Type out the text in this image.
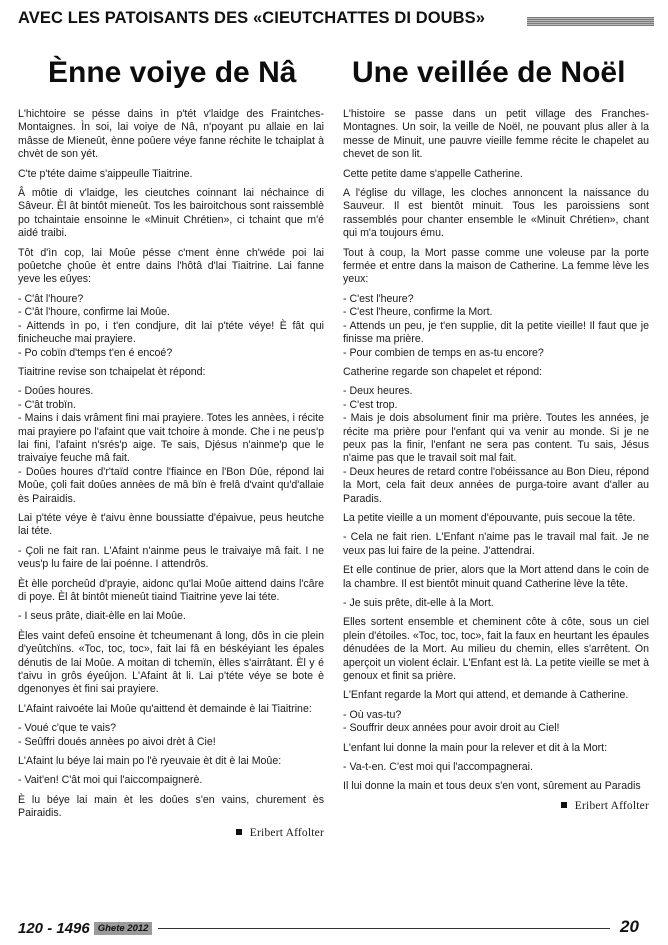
AVEC LES PATOISANTS DES «CIEUTCHATTES DI DOUBS»
Ènne voiye de Nâ Une veillée de Noël

L'hichtoire se pésse dains ìn p'tét v'laidge des Fraintches-Montaignes. Ìn soi, lai voiye de Nâ, n'poyant pu allaie en lai mâsse de Mieneût, ènne poûere véye fanne réchite le tchaiplat à chvèt de son yét.

C'te p'téte daime s'aippeulle Tiaitrine.

Â môtie di v'laidge, les cieutches coinnant lai néchaince di Sâveur. Èl ât bintôt mieneût. Tos les bairoitchous sont raissemblè po tchaintaie ensoinne le «Minuit Chrétien», ci tchaint que m'é aidé traibi.

Tôt d'ìn cop, lai Moûe pésse c'ment ènne ch'wéde poi lai poûetche çhoûe èt entre dains l'hôtâ d'lai Tiaitrine. Lai fanne yeve les eûyes:

- C'ât l'houre?
- C'ât l'houre, confirme lai Moûe.
- Aittends ìn po, i t'en condjure, dit lai p'téte véye! È fât qui finicheuche mai prayiere.
- Po cobïn d'temps t'en é encoé?

Tiaitrine revise son tchaipelat èt répond:

- Doûes houres.
- C'ât trobïn.
- Mains i dais vrâment fini mai prayiere. Totes les annèes, i récite mai prayiere po l'afaint que vait tchoire à monde. Che i ne peus'p lai fini, l'afaint n'srés'p aige. Te sais, Djésus n'ainme'p que le traivaiye feuche mâ fait.
- Doûes houres d'r'taïd contre l'fiaince en l'Bon Dûe, répond lai Moûe, çoli fait doûes annèes de mâ bïn è frelâ d'vaint qu'd'allaie ès Pairaidis.

Lai p'téte véye è t'aivu ènne boussiatte d'épaivue, peus heutche lai téte.

- Çoli ne fait ran. L'Afaint n'ainme peus le traivaiye mâ fait. I ne veus'p lu faire de lai poénne. I attendrôs.

Èt èlle porcheûd d'prayie, aidonc qu'lai Moûe aittend dains l'câre di poye. Èl ât bintôt mieneût tiaind Tiaitrine yeve lai téte.

- I seus prâte, diait-èlle en lai Moûe.

Èles vaint defeû ensoine èt tcheumenant â long, dôs ìn cie plein d'yeûtchïns. «Toc, toc, toc», fait lai fâ en béskéyiant les épales dénutis de lai Moûe. A moitan di tchemïn, èlles s'airrâtant. Èl y é t'aivu ìn grôs éyeûjon. L'Afaint ât li. Lai p'téte véye se bote è dgenonyes èt fini sai prayiere.

L'Afaint raivoéte lai Moûe qu'aittend èt demainde è lai Tiaitrine:

- Voué c'que te vais?
- Seûffri doués annèes po aivoi drèt â Cie!

L'Afaint lu béye lai main po l'è ryeuvaie èt dit è lai Moûe:

- Vait'en! C'ât moi qui l'aiccompaignerè.

È lu béye lai main èt les doûes s'en vains, churement ès Pairaidis.

Eribert Affolter

L'histoire se passe dans un petit village des Franches-Montagnes. Un soir, la veille de Noël, ne pouvant plus aller à la messe de Minuit, une pauvre vieille femme récite le chapelet au chevet de son lit.

Cette petite dame s'appelle Catherine.

A l'église du village, les cloches annoncent la naissance du Sauveur. Il est bientôt minuit. Tous les paroissiens sont rassemblés pour chanter ensemble le «Minuit Chrétien», chant qui m'a toujours ému.

Tout à coup, la Mort passe comme une voleuse par la porte fermée et entre dans la maison de Catherine. La femme lève les yeux:

- C'est l'heure?
- C'est l'heure, confirme la Mort.
- Attends un peu, je t'en supplie, dit la petite vieille! Il faut que je finisse ma prière.
- Pour combien de temps en as-tu encore?

Catherine regarde son chapelet et répond:

- Deux heures.
- C'est trop.
- Mais je dois absolument finir ma prière. Toutes les années, je récite ma prière pour l'enfant qui va venir au monde. Si je ne peux pas la finir, l'enfant ne sera pas content. Tu sais, Jésus n'aime pas que le travail soit mal fait.
- Deux heures de retard contre l'obéissance au Bon Dieu, répond la Mort, cela fait deux années de purga-toire avant d'aller au Paradis.

La petite vieille a un moment d'épouvante, puis secoue la tête.

- Cela ne fait rien. L'Enfant n'aime pas le travail mal fait. Je ne veux pas lui faire de la peine. J'attendrai.

Et elle continue de prier, alors que la Mort attend dans le coin de la chambre. Il est bientôt minuit quand Catherine lève la tête.

- Je suis prête, dit-elle à la Mort.

Elles sortent ensemble et cheminent côte à côte, sous un ciel plein d'étoiles. «Toc, toc, toc», fait la faux en heurtant les épaules dénudées de la Mort. Au milieu du chemin, elles s'arrêtent. On aperçoit un violent éclair. L'Enfant est là. La petite vieille se met à genoux et finit sa prière.

L'Enfant regarde la Mort qui attend, et demande à Catherine.

- Où vas-tu?
- Souffrir deux années pour avoir droit au Ciel!

L'enfant lui donne la main pour la relever et dit à la Mort:

- Va-t-en. C'est moi qui l'accompagnerai.

Il lui donne la main et tous deux s'en vont, sûrement au Paradis

Eribert Affolter

120 - 1496 Ghete 2012	20
